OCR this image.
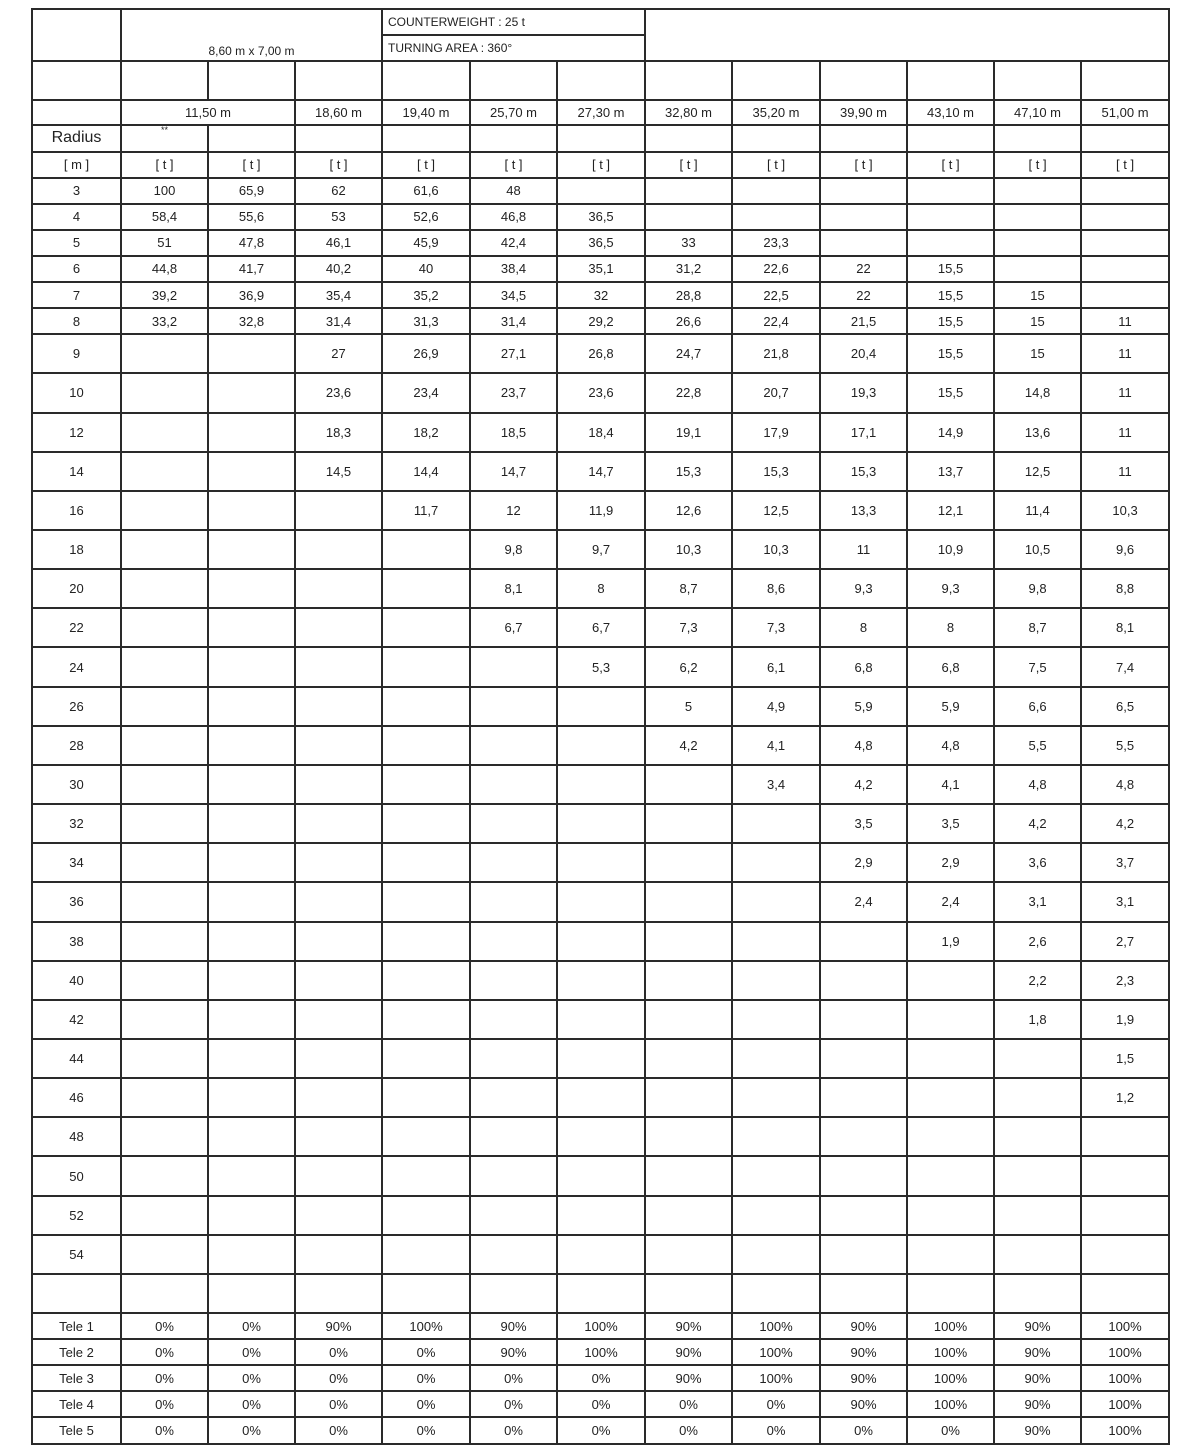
	8,60 m x 7,00 m			COUNTERWEIGHT : 25 t								
				TURNING AREA : 360°								

	11,50 m		18,60 m	19,40 m	25,70 m	27,30 m	32,80 m	35,20 m	39,90 m	43,10 m	47,10 m	51,00 m
Radius	**											
[ m ]	[ t ]	[ t ]	[ t ]	[ t ]	[ t ]	[ t ]	[ t ]	[ t ]	[ t ]	[ t ]	[ t ]	[ t ]
3	100	65,9	62	61,6	48							
4	58,4	55,6	53	52,6	46,8	36,5						
5	51	47,8	46,1	45,9	42,4	36,5	33	23,3				
6	44,8	41,7	40,2	40	38,4	35,1	31,2	22,6	22	15,5		
7	39,2	36,9	35,4	35,2	34,5	32	28,8	22,5	22	15,5	15	
8	33,2	32,8	31,4	31,3	31,4	29,2	26,6	22,4	21,5	15,5	15	11
9			27	26,9	27,1	26,8	24,7	21,8	20,4	15,5	15	11
10			23,6	23,4	23,7	23,6	22,8	20,7	19,3	15,5	14,8	11
12			18,3	18,2	18,5	18,4	19,1	17,9	17,1	14,9	13,6	11
14			14,5	14,4	14,7	14,7	15,3	15,3	15,3	13,7	12,5	11
16				11,7	12	11,9	12,6	12,5	13,3	12,1	11,4	10,3
18					9,8	9,7	10,3	10,3	11	10,9	10,5	9,6
20					8,1	8	8,7	8,6	9,3	9,3	9,8	8,8
22					6,7	6,7	7,3	7,3	8	8	8,7	8,1
24						5,3	6,2	6,1	6,8	6,8	7,5	7,4
26							5	4,9	5,9	5,9	6,6	6,5
28							4,2	4,1	4,8	4,8	5,5	5,5
30								3,4	4,2	4,1	4,8	4,8
32									3,5	3,5	4,2	4,2
34									2,9	2,9	3,6	3,7
36									2,4	2,4	3,1	3,1
38										1,9	2,6	2,7
40											2,2	2,3
42											1,8	1,9
44												1,5
46												1,2
48												
50												
52												
54												

Tele 1	0%	0%	90%	100%	90%	100%	90%	100%	90%	100%	90%	100%
Tele 2	0%	0%	0%	0%	90%	100%	90%	100%	90%	100%	90%	100%
Tele 3	0%	0%	0%	0%	0%	0%	90%	100%	90%	100%	90%	100%
Tele 4	0%	0%	0%	0%	0%	0%	0%	0%	90%	100%	90%	100%
Tele 5	0%	0%	0%	0%	0%	0%	0%	0%	0%	0%	90%	100%
